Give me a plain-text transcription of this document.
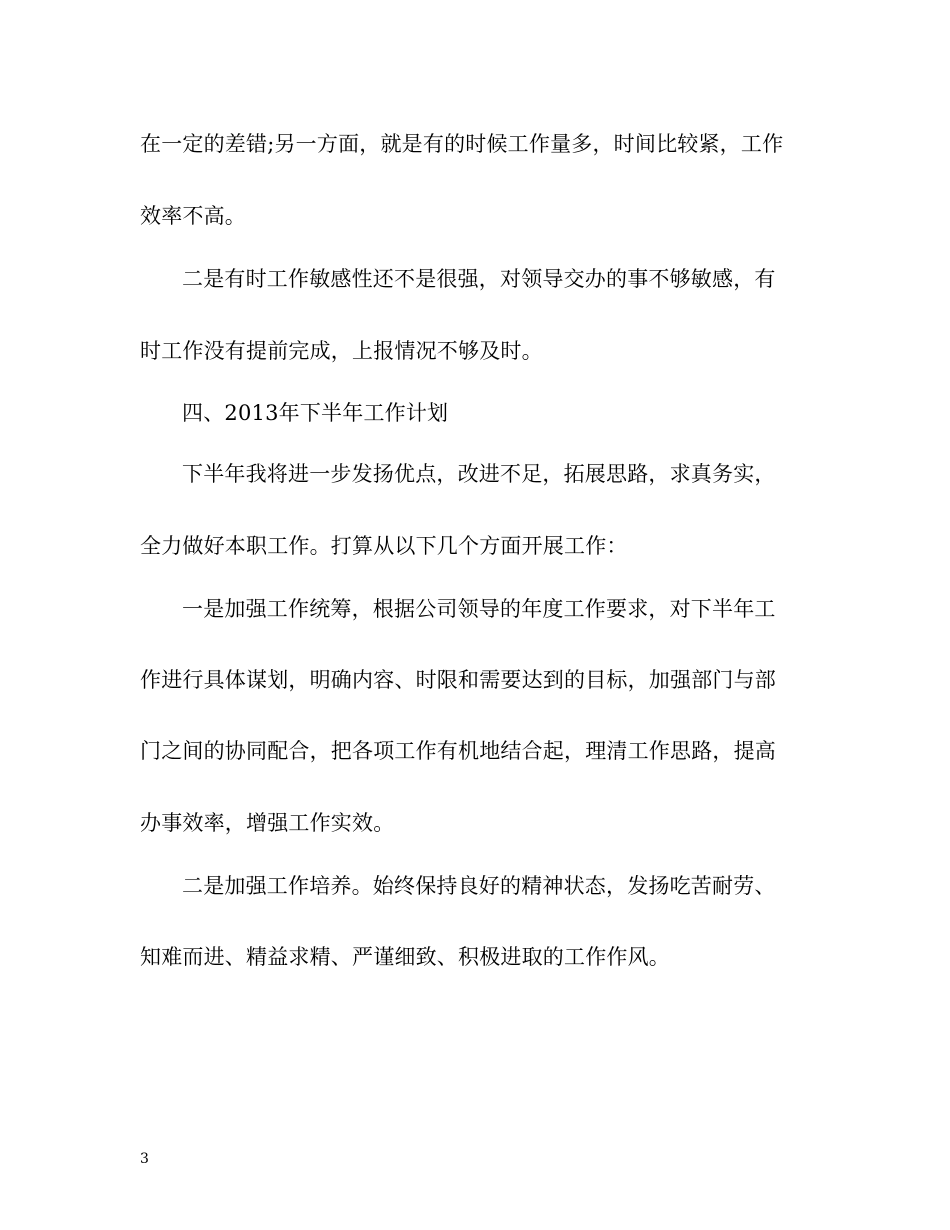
在一定的差错;另一方面，就是有的时候工作量多，时间比较紧，工作
效率不高。
二是有时工作敏感性还不是很强，对领导交办的事不够敏感，有
时工作没有提前完成，上报情况不够及时。
四、2013年下半年工作计划
下半年我将进一步发扬优点，改进不足，拓展思路，求真务实，
全力做好本职工作。打算从以下几个方面开展工作：
一是加强工作统筹，根据公司领导的年度工作要求，对下半年工
作进行具体谋划，明确内容、时限和需要达到的目标，加强部门与部
门之间的协同配合，把各项工作有机地结合起，理清工作思路，提高
办事效率，增强工作实效。
二是加强工作培养。始终保持良好的精神状态，发扬吃苦耐劳、
知难而进、精益求精、严谨细致、积极进取的工作作风。
3
